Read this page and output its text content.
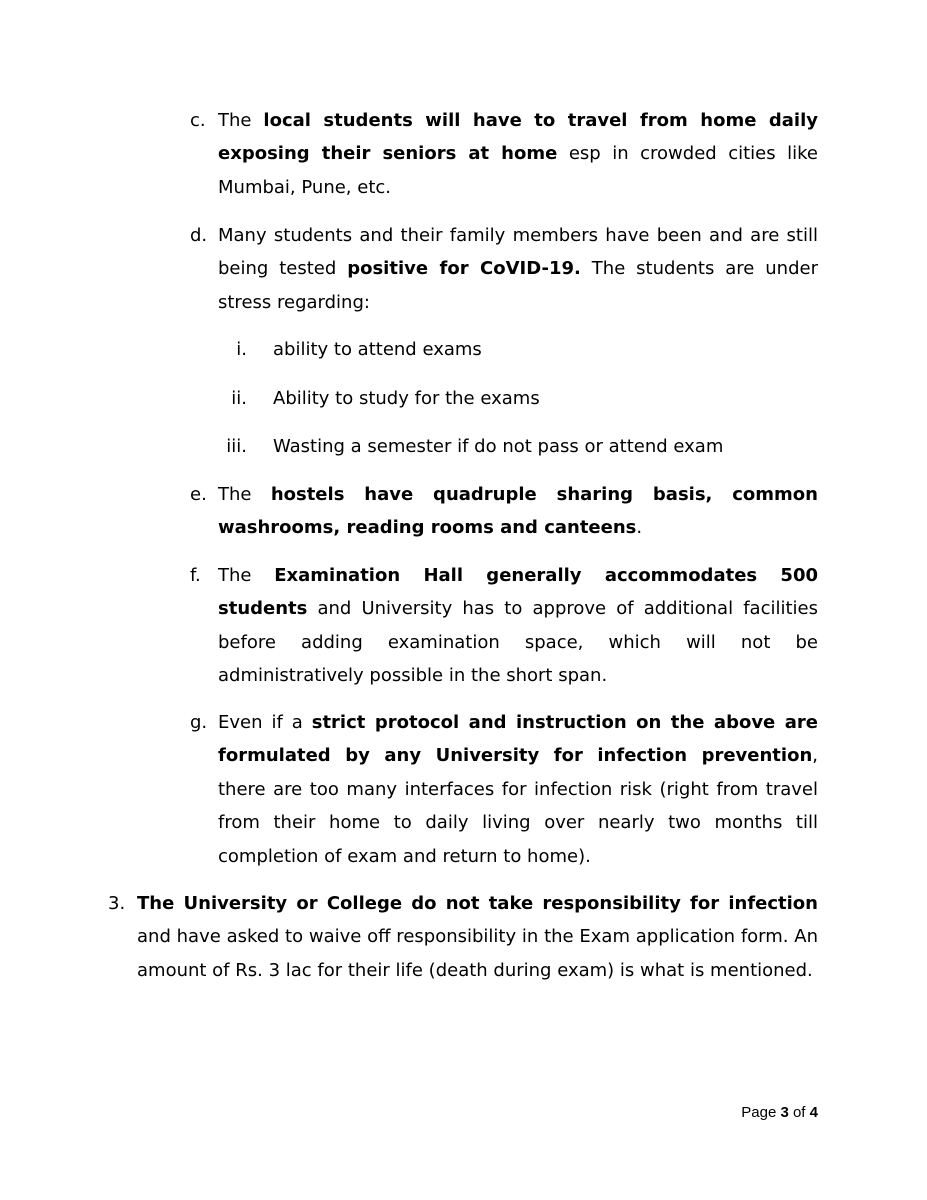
c. The local students will have to travel from home daily exposing their seniors at home esp in crowded cities like Mumbai, Pune, etc.

d. Many students and their family members have been and are still being tested positive for CoVID-19. The students are under stress regarding:

i. ability to attend exams
ii. Ability to study for the exams
iii. Wasting a semester if do not pass or attend exam
e. The hostels have quadruple sharing basis, common washrooms, reading rooms and canteens.

f. The Examination Hall generally accommodates 500 students and University has to approve of additional facilities before adding examination space, which will not be administratively possible in the short span.

g. Even if a strict protocol and instruction on the above are formulated by any University for infection prevention, there are too many interfaces for infection risk (right from travel from their home to daily living over nearly two months till completion of exam and return to home).

3. The University or College do not take responsibility for infection and have asked to waive off responsibility in the Exam application form. An amount of Rs. 3 lac for their life (death during exam) is what is mentioned.

Page 3 of 4
